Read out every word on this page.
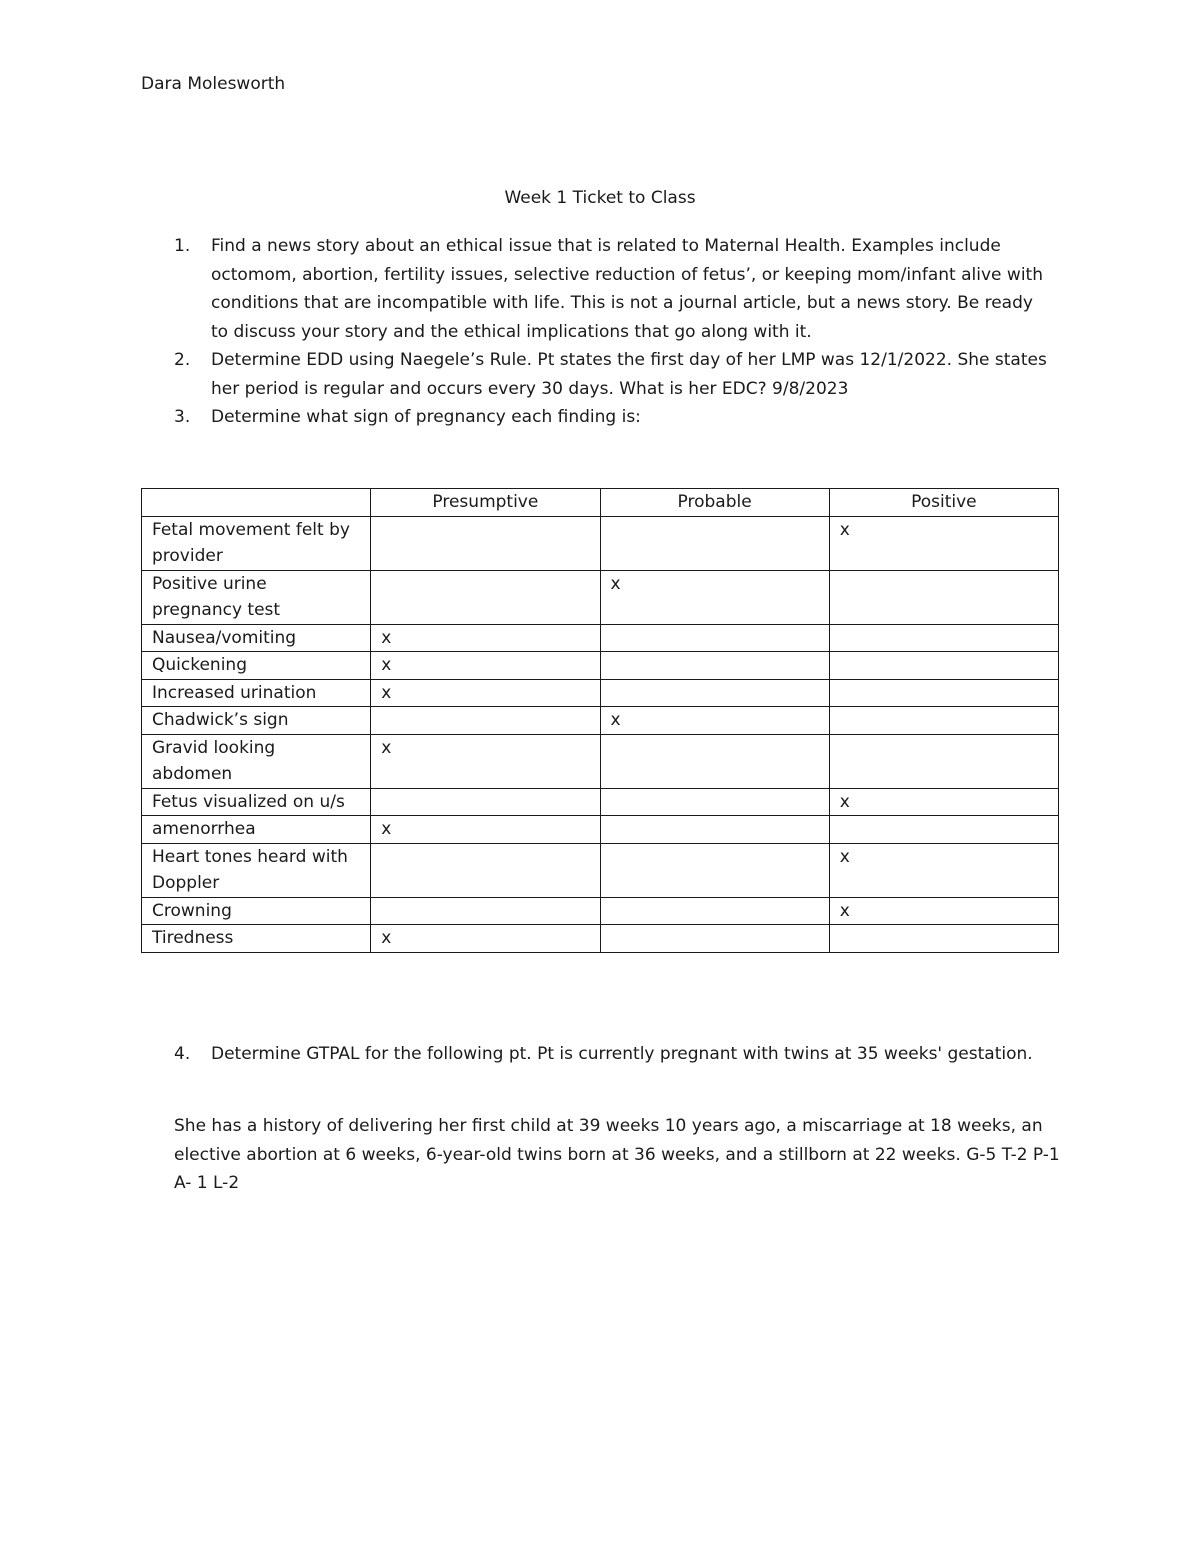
Dara Molesworth
Week 1 Ticket to Class
1. Find a news story about an ethical issue that is related to Maternal Health. Examples include octomom, abortion, fertility issues, selective reduction of fetus’, or keeping mom/infant alive with conditions that are incompatible with life. This is not a journal article, but a news story. Be ready to discuss your story and the ethical implications that go along with it.
2. Determine EDD using Naegele’s Rule. Pt states the first day of her LMP was 12/1/2022. She states her period is regular and occurs every 30 days. What is her EDC? 9/8/2023
3. Determine what sign of pregnancy each finding is:
	Presumptive	Probable	Positive
Fetal movement felt by provider			x
Positive urine pregnancy test		x	
Nausea/vomiting	x		
Quickening	x		
Increased urination	x		
Chadwick’s sign		x	
Gravid looking abdomen	x		
Fetus visualized on u/s			x
amenorrhea	x		
Heart tones heard with Doppler			x
Crowning			x
Tiredness	x		
4. Determine GTPAL for the following pt. Pt is currently pregnant with twins at 35 weeks' gestation.

She has a history of delivering her first child at 39 weeks 10 years ago, a miscarriage at 18 weeks, an elective abortion at 6 weeks, 6-year-old twins born at 36 weeks, and a stillborn at 22 weeks. G-5 T-2 P-1 A- 1 L-2
